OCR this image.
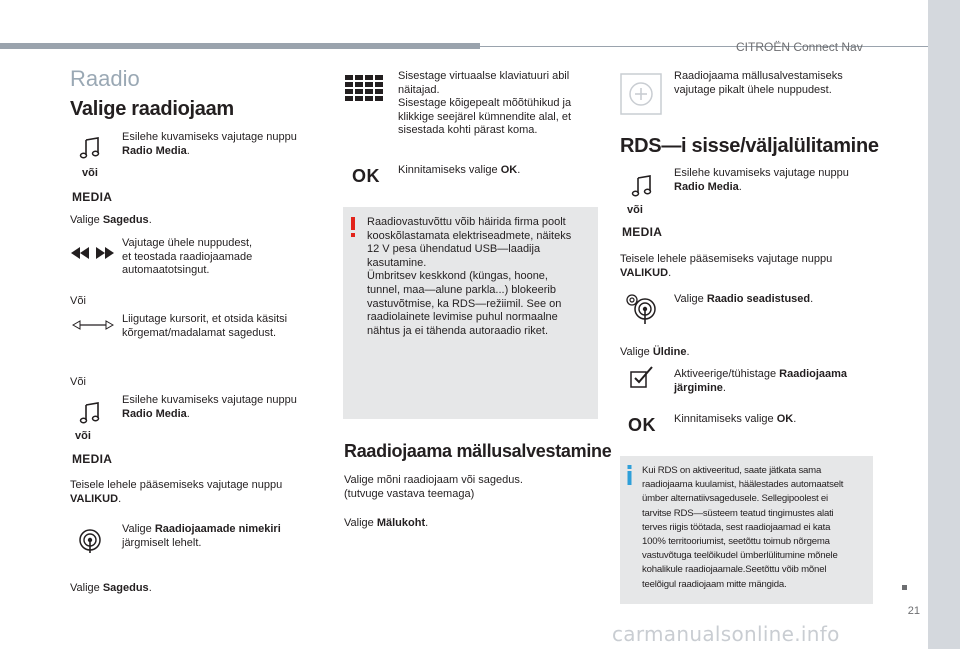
CITROËN Connect Nav
21
carmanualsonline.info
Raadio
Valige raadiojaam
või
MEDIA
Esilehe kuvamiseks vajutage nuppu
Radio Media.
Valige Sagedus.
Vajutage ühele nuppudest,
et teostada raadiojaamade
automaatotsingut.
Või
Liigutage kursorit, et otsida käsitsi
kõrgemat/madalamat sagedust.
Või
või
MEDIA
Esilehe kuvamiseks vajutage nuppu
Radio Media.
Teisele lehele pääsemiseks vajutage nuppu
VALIKUD.
Valige Raadiojaamade nimekiri
järgmiselt lehelt.
Valige Sagedus.
Sisestage virtuaalse klaviatuuri abil
näitajad.
Sisestage kõigepealt mõõtühikud ja
klikkige seejärel kümnendite alal, et
sisestada kohti pärast koma.
OK Kinnitamiseks valige OK.
Raadiovastuvõttu võib häirida firma poolt
kooskõlastamata elektriseadmete, näiteks
12 V pesa ühendatud USB—laadija
kasutamine.
Ümbritsev keskkond (küngas, hoone,
tunnel, maa—alune parkla...) blokeerib
vastuvõtmise, ka RDS—režiimil. See on
raadiolainete levimise puhul normaalne
nähtus ja ei tähenda autoraadio riket.
Raadiojaama mällusalvestamine
Valige mõni raadiojaam või sagedus.
(tutvuge vastava teemaga)
Valige Mälukoht.
Raadiojaama mällusalvestamiseks
vajutage pikalt ühele nuppudest.
RDS—i sisse/väljalülitamine
või
MEDIA
Esilehe kuvamiseks vajutage nuppu
Radio Media.
Teisele lehele pääsemiseks vajutage nuppu
VALIKUD.
Valige Raadio seadistused.
Valige Üldine.
Aktiveerige/tühistage Raadiojaama
järgimine.
OK Kinnitamiseks valige OK.
Kui RDS on aktiveeritud, saate jätkata sama
raadiojaama kuulamist, häälestades automaatselt
ümber alternatiivsagedusele. Sellegipoolest ei
tarvitse RDS—süsteem teatud tingimustes alati
terves riigis töötada, sest raadiojaamad ei kata
100% territooriumist, seetõttu toimub nõrgema
vastuvõtuga teelõikudel ümberlülitumine mõnele
kohalikule raadiojaamale.Seetõttu võib mõnel
teelõigul raadiojaam mitte mängida.
